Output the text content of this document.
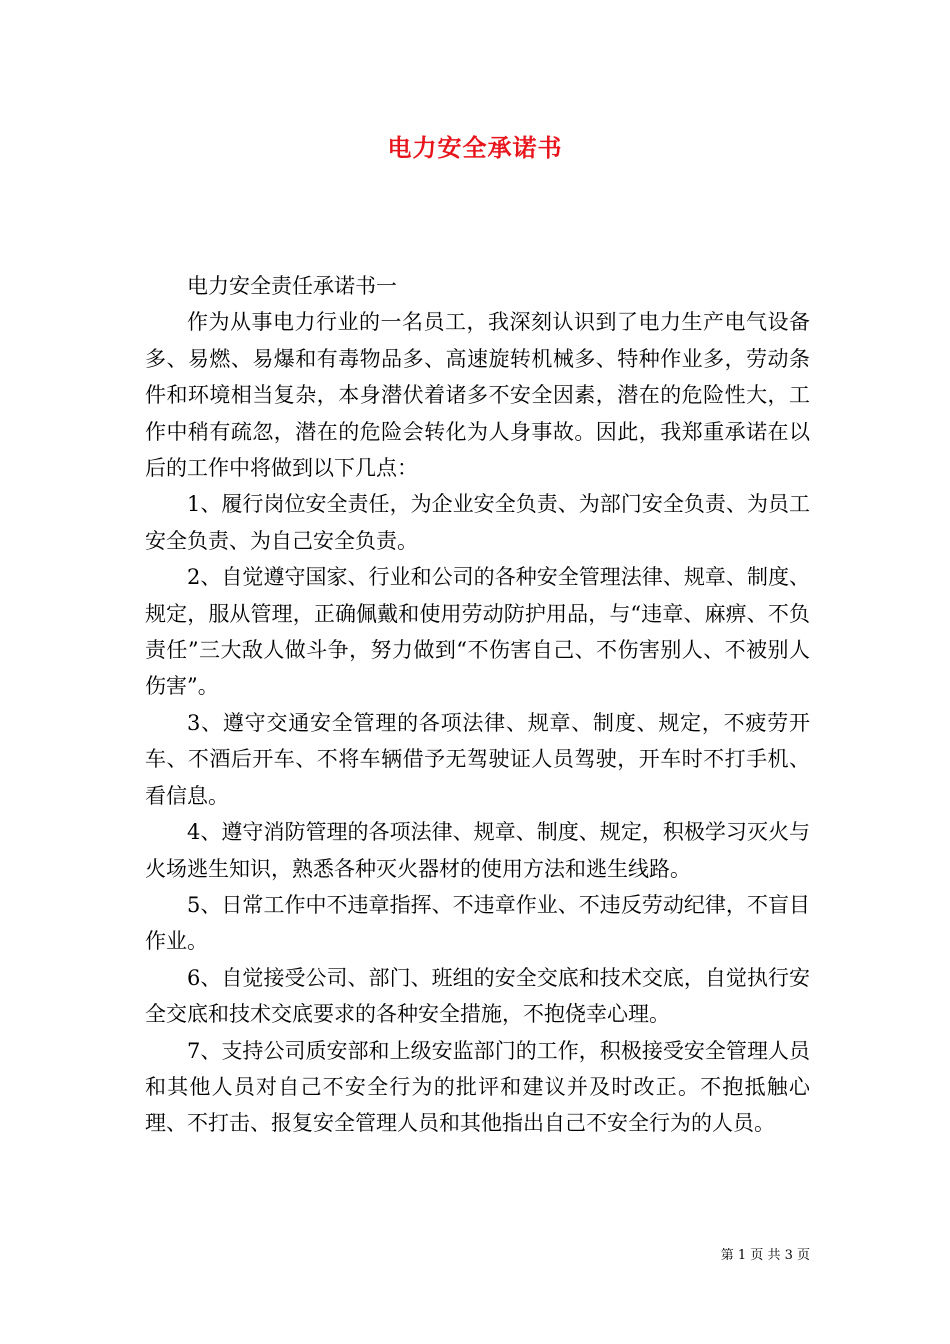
电力安全承诺书

电力安全责任承诺书一

作为从事电力行业的一名员工，我深刻认识到了电力生产电气设备多、易燃、易爆和有毒物品多、高速旋转机械多、特种作业多，劳动条件和环境相当复杂，本身潜伏着诸多不安全因素，潜在的危险性大，工作中稍有疏忽，潜在的危险会转化为人身事故。因此，我郑重承诺在以后的工作中将做到以下几点：

1、履行岗位安全责任，为企业安全负责、为部门安全负责、为员工安全负责、为自己安全负责。

2、自觉遵守国家、行业和公司的各种安全管理法律、规章、制度、规定，服从管理，正确佩戴和使用劳动防护用品，与“违章、麻痹、不负责任”三大敌人做斗争，努力做到“不伤害自己、不伤害别人、不被别人伤害”。

3、遵守交通安全管理的各项法律、规章、制度、规定，不疲劳开车、不酒后开车、不将车辆借予无驾驶证人员驾驶，开车时不打手机、看信息。

4、遵守消防管理的各项法律、规章、制度、规定，积极学习灭火与火场逃生知识，熟悉各种灭火器材的使用方法和逃生线路。

5、日常工作中不违章指挥、不违章作业、不违反劳动纪律，不盲目作业。

6、自觉接受公司、部门、班组的安全交底和技术交底，自觉执行安全交底和技术交底要求的各种安全措施，不抱侥幸心理。

7、支持公司质安部和上级安监部门的工作，积极接受安全管理人员和其他人员对自己不安全行为的批评和建议并及时改正。不抱抵触心理、不打击、报复安全管理人员和其他指出自己不安全行为的人员。

第 1 页 共 3 页
